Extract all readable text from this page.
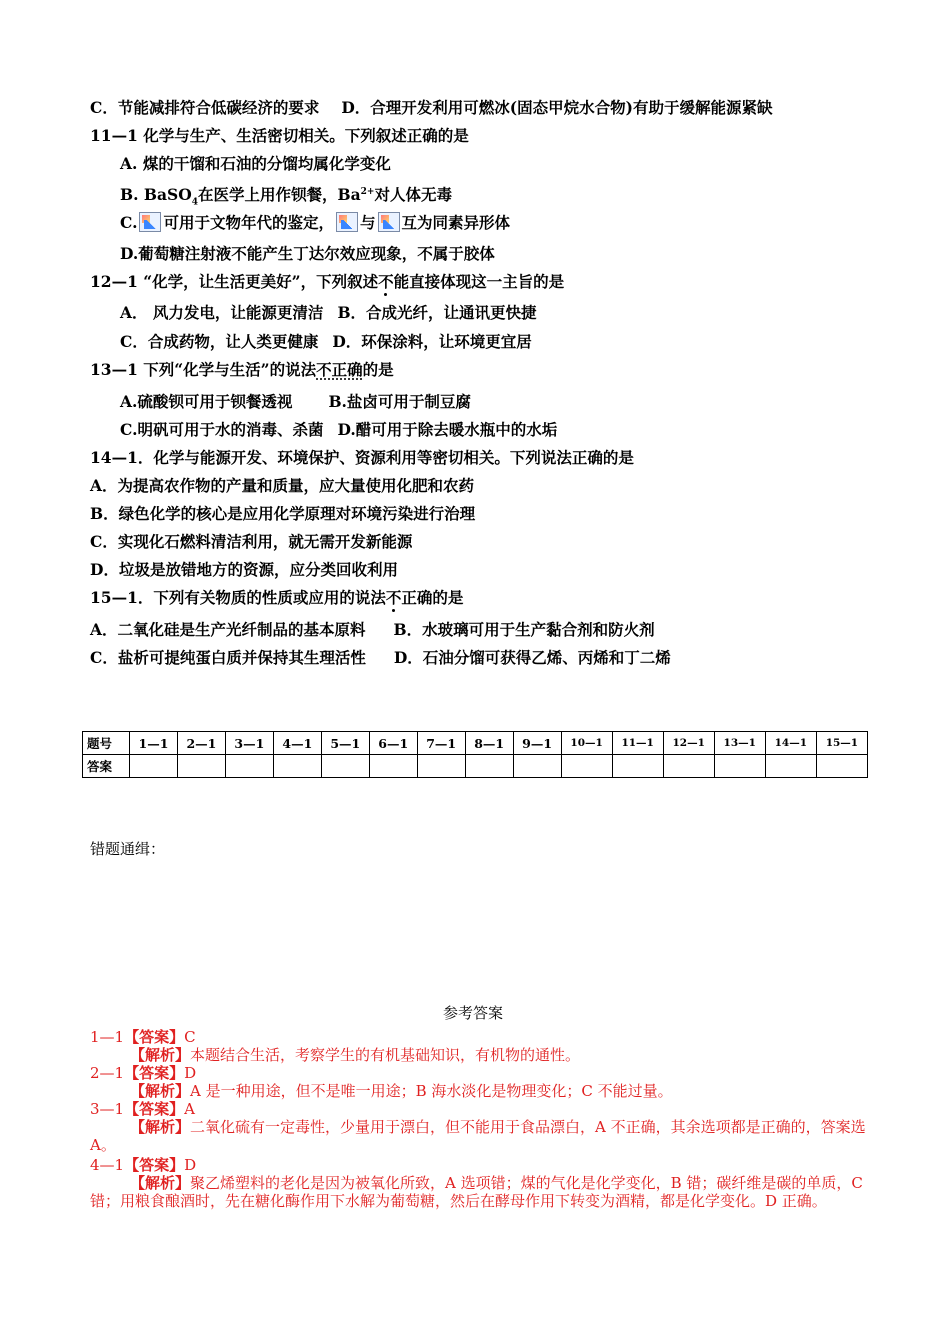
C．节能减排符合低碳经济的要求 D．合理开发利用可燃冰(固态甲烷水合物)有助于缓解能源紧缺
11—1 化学与生产、生活密切相关。下列叙述正确的是
A. 煤的干馏和石油的分馏均属化学变化
B. BaSO$_4$在医学上用作钡餐，$Ba^{2+}$对人体无毒
C. 可用于文物年代的鉴定， 与 互为同素异形体
D.葡萄糖注射液不能产生丁达尔效应现象，不属于胶体
12—1 “化学，让生活更美好”，下列叙述不能直接体现这一主旨的是
A． 风力发电，让能源更清洁 B．合成光纤，让通讯更快捷
C．合成药物，让人类更健康 D．环保涂料，让环境更宜居
13—1 下列“化学与生活”的说法不正确的是
A.硫酸钡可用于钡餐透视 B.盐卤可用于制豆腐
C.明矾可用于水的消毒、杀菌 D.醋可用于除去暖水瓶中的水垢
14—1．化学与能源开发、环境保护、资源利用等密切相关。下列说法正确的是
A．为提高农作物的产量和质量，应大量使用化肥和农药
B．绿色化学的核心是应用化学原理对环境污染进行治理
C．实现化石燃料清洁利用，就无需开发新能源
D．垃圾是放错地方的资源，应分类回收利用
15—1．下列有关物质的性质或应用的说法不正确的是
A．二氧化硅是生产光纤制品的基本原料 B．水玻璃可用于生产黏合剂和防火剂
C．盐析可提纯蛋白质并保持其生理活性 D．石油分馏可获得乙烯、丙烯和丁二烯
题号	1—1	2—1	3—1	4—1	5—1	6—1	7—1	8—1	9—1	10—1	11—1	12—1	13—1	14—1	15—1
答案															
错题通缉：
参考答案
1—1【答案】C
【解析】本题结合生活，考察学生的有机基础知识，有机物的通性。
2—1【答案】D
【解析】A 是一种用途，但不是唯一用途；B 海水淡化是物理变化；C 不能过量。
3—1【答案】A
【解析】二氧化硫有一定毒性，少量用于漂白，但不能用于食品漂白，A 不正确，其余选项都是正确的，答案选 A。
4—1【答案】D
【解析】聚乙烯塑料的老化是因为被氧化所致，A 选项错；煤的气化是化学变化，B 错；碳纤维是碳的单质，C 错；用粮食酿酒时，先在糖化酶作用下水解为葡萄糖，然后在酵母作用下转变为酒精，都是化学变化。D 正确。
